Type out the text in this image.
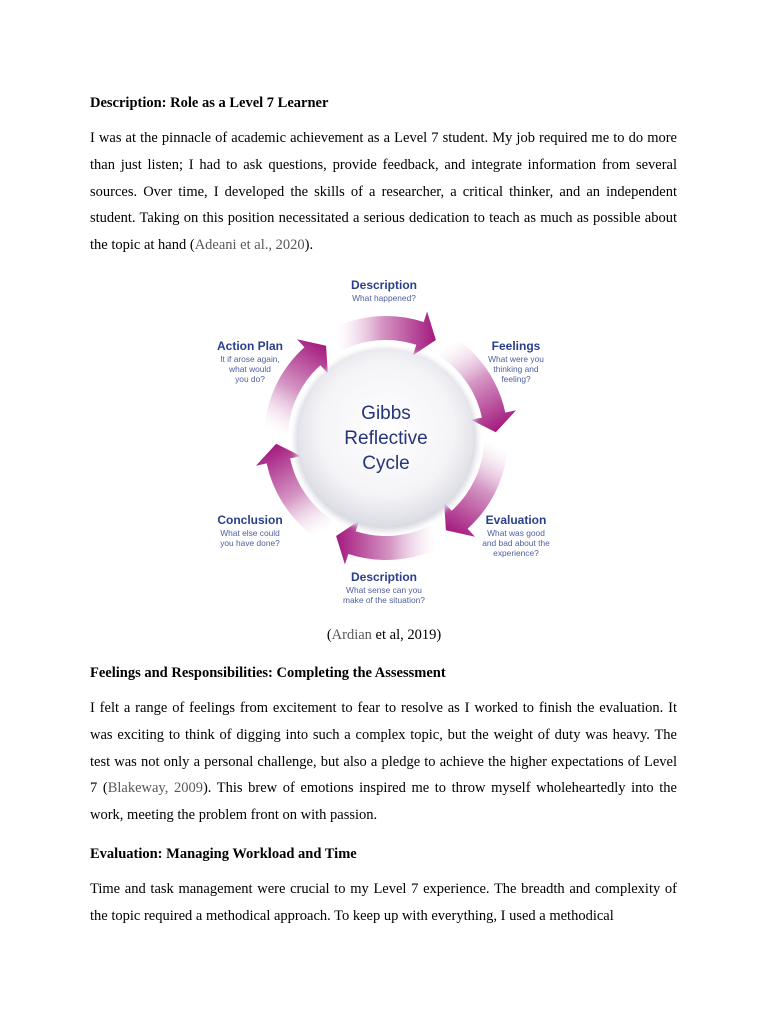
Description: Role as a Level 7 Learner

I was at the pinnacle of academic achievement as a Level 7 student. My job required me to do more than just listen; I had to ask questions, provide feedback, and integrate information from several sources. Over time, I developed the skills of a researcher, a critical thinker, and an independent student. Taking on this position necessitated a serious dedication to teach as much as possible about the topic at hand (Adeani et al., 2020).

Gibbs
Reflective
Cycle
Description
What happened?
Feelings
What were you
thinking and
feeling?
Evaluation
What was good
and bad about the
experience?
Description
What sense can you
make of the situation?
Conclusion
What else could
you have done?
Action Plan
It if arose again,
what would
you do?
(Ardian et al, 2019)
Feelings and Responsibilities: Completing the Assessment

I felt a range of feelings from excitement to fear to resolve as I worked to finish the evaluation. It was exciting to think of digging into such a complex topic, but the weight of duty was heavy. The test was not only a personal challenge, but also a pledge to achieve the higher expectations of Level 7 (Blakeway, 2009). This brew of emotions inspired me to throw myself wholeheartedly into the work, meeting the problem front on with passion.

Evaluation: Managing Workload and Time

Time and task management were crucial to my Level 7 experience. The breadth and complexity of the topic required a methodical approach. To keep up with everything, I used a methodical
